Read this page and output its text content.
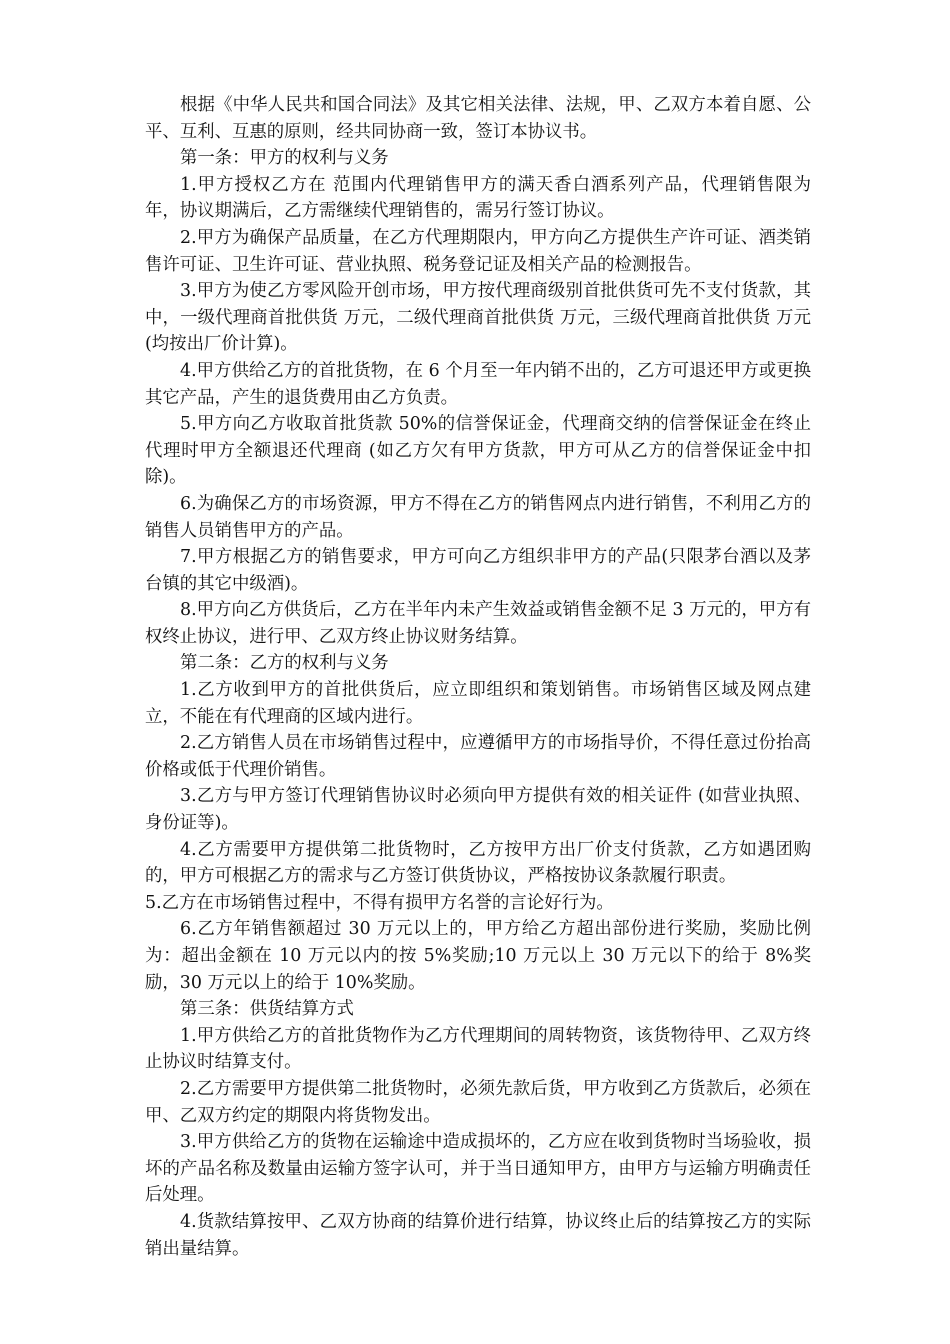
根据《中华人民共和国合同法》及其它相关法律、法规，甲、乙双方本着自愿、公平、互利、互惠的原则，经共同协商一致，签订本协议书。

第一条：甲方的权利与义务

1.甲方授权乙方在 范围内代理销售甲方的满天香白酒系列产品，代理销售限为 年，协议期满后，乙方需继续代理销售的，需另行签订协议。

2.甲方为确保产品质量，在乙方代理期限内，甲方向乙方提供生产许可证、酒类销售许可证、卫生许可证、营业执照、税务登记证及相关产品的检测报告。

3.甲方为使乙方零风险开创市场，甲方按代理商级别首批供货可先不支付货款，其中，一级代理商首批供货 万元，二级代理商首批供货 万元，三级代理商首批供货 万元(均按出厂价计算)。

4.甲方供给乙方的首批货物，在 6 个月至一年内销不出的，乙方可退还甲方或更换其它产品，产生的退货费用由乙方负责。

5.甲方向乙方收取首批货款 50%的信誉保证金，代理商交纳的信誉保证金在终止代理时甲方全额退还代理商 (如乙方欠有甲方货款，甲方可从乙方的信誉保证金中扣除)。

6.为确保乙方的市场资源，甲方不得在乙方的销售网点内进行销售，不利用乙方的销售人员销售甲方的产品。

7.甲方根据乙方的销售要求，甲方可向乙方组织非甲方的产品(只限茅台酒以及茅台镇的其它中级酒)。

8.甲方向乙方供货后，乙方在半年内未产生效益或销售金额不足 3 万元的，甲方有权终止协议，进行甲、乙双方终止协议财务结算。

第二条：乙方的权利与义务

1.乙方收到甲方的首批供货后，应立即组织和策划销售。市场销售区域及网点建立，不能在有代理商的区域内进行。

2.乙方销售人员在市场销售过程中，应遵循甲方的市场指导价，不得任意过份抬高价格或低于代理价销售。

3.乙方与甲方签订代理销售协议时必须向甲方提供有效的相关证件 (如营业执照、身份证等)。

4.乙方需要甲方提供第二批货物时，乙方按甲方出厂价支付货款，乙方如遇团购的，甲方可根据乙方的需求与乙方签订供货协议，严格按协议条款履行职责。

5.乙方在市场销售过程中，不得有损甲方名誉的言论好行为。

6.乙方年销售额超过 30 万元以上的，甲方给乙方超出部份进行奖励，奖励比例为：超出金额在 10 万元以内的按 5%奖励;10 万元以上 30 万元以下的给于 8%奖励，30 万元以上的给于 10%奖励。

第三条：供货结算方式

1.甲方供给乙方的首批货物作为乙方代理期间的周转物资，该货物待甲、乙双方终止协议时结算支付。

2.乙方需要甲方提供第二批货物时，必须先款后货，甲方收到乙方货款后，必须在甲、乙双方约定的期限内将货物发出。

3.甲方供给乙方的货物在运输途中造成损坏的，乙方应在收到货物时当场验收，损坏的产品名称及数量由运输方签字认可，并于当日通知甲方，由甲方与运输方明确责任后处理。

4.货款结算按甲、乙双方协商的结算价进行结算，协议终止后的结算按乙方的实际销出量结算。
